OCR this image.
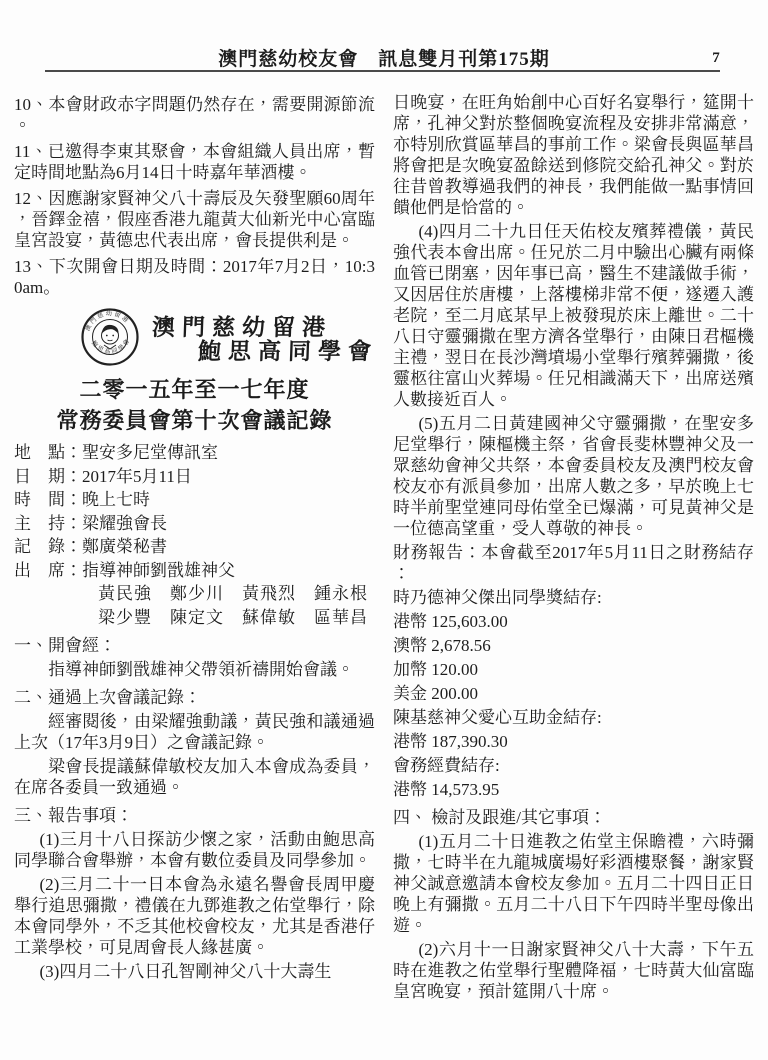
澳門慈幼校友會　訊息雙月刊第175期	7

10、本會財政赤字問題仍然存在，需要開源節流。

11、已邀得李東其聚會，本會組織人員出席，暫定時間地點為6月14日十時嘉年華酒樓。

12、因應謝家賢神父八十壽辰及矢發聖願60周年，晉鐸金禧，假座香港九龍黃大仙新光中心富臨皇宮設宴，黃德忠代表出席，會長提供利是。

13、下次開會日期及時間：2017年7月2日，10:30am。

澳門慈幼留港
鮑思高同學會
澳門慈幼留港
鮑思高同學會
二零一五年至一七年度
常務委員會第十次會議記錄
地　點：聖安多尼堂傳訊室
日　期：2017年5月11日
時　間：晚上七時
主　持：梁耀強會長
記　錄：鄭廣榮秘書
出　席：指導神師劉戩雄神父
黃民強　鄭少川　黃飛烈　鍾永根
梁少豐　陳定文　蘇偉敏　區華昌

一、開會經：

指導神師劉戩雄神父帶領祈禱開始會議。

二、通過上次會議記錄：

經審閱後，由梁耀強動議，黃民強和議通過上次（17年3月9日）之會議記錄。

梁會長提議蘇偉敏校友加入本會成為委員，在席各委員一致通過。

三、報告事項：

(1)三月十八日探訪少懷之家，活動由鮑思高同學聯合會舉辦，本會有數位委員及同學參加。

(2)三月二十一日本會為永遠名譽會長周甲慶舉行追思彌撒，禮儀在九鄧進教之佑堂舉行，除本會同學外，不乏其他校會校友，尤其是香港仔工業學校，可見周會長人緣甚廣。

(3)四月二十八日孔智剛神父八十大壽生

日晚宴，在旺角始創中心百好名宴舉行，筵開十席，孔神父對於整個晚宴流程及安排非常滿意，亦特別欣賞區華昌的事前工作。梁會長與區華昌將會把是次晚宴盈餘送到修院交給孔神父。對於往昔曾教導過我們的神長，我們能做一點事情回饋他們是恰當的。

(4)四月二十九日任天佑校友殯葬禮儀，黃民強代表本會出席。任兄於二月中驗出心臟有兩條血管已閉塞，因年事已高，醫生不建議做手術，又因居住於唐樓，上落樓梯非常不便，遂遷入護老院，至二月底某早上被發現於床上離世。二十八日守靈彌撒在聖方濟各堂舉行，由陳日君樞機主禮，翌日在長沙灣墳場小堂舉行殯葬彌撒，後靈柩往富山火葬場。任兄相識滿天下，出席送殯人數接近百人。

(5)五月二日黃建國神父守靈彌撒，在聖安多尼堂舉行，陳樞機主祭，省會長斐林豐神父及一眾慈幼會神父共祭，本會委員校友及澳門校友會校友亦有派員參加，出席人數之多，早於晚上七時半前聖堂連同母佑堂全已爆滿，可見黃神父是一位德高望重，受人尊敬的神長。

財務報告：本會截至2017年5月11日之財務結存：

時乃德神父傑出同學獎結存:
港幣 125,603.00
澳幣 2,678.56
加幣 120.00
美金 200.00
陳基慈神父愛心互助金結存:
港幣 187,390.30
會務經費結存:
港幣 14,573.95

四、 檢討及跟進/其它事項：

(1)五月二十日進教之佑堂主保瞻禮，六時彌撒，七時半在九龍城廣場好彩酒樓聚餐，謝家賢神父誠意邀請本會校友參加。五月二十四日正日晚上有彌撒。五月二十八日下午四時半聖母像出遊。

(2)六月十一日謝家賢神父八十大壽，下午五時在進教之佑堂舉行聖體降福，七時黃大仙富臨皇宮晚宴，預計筵開八十席。
